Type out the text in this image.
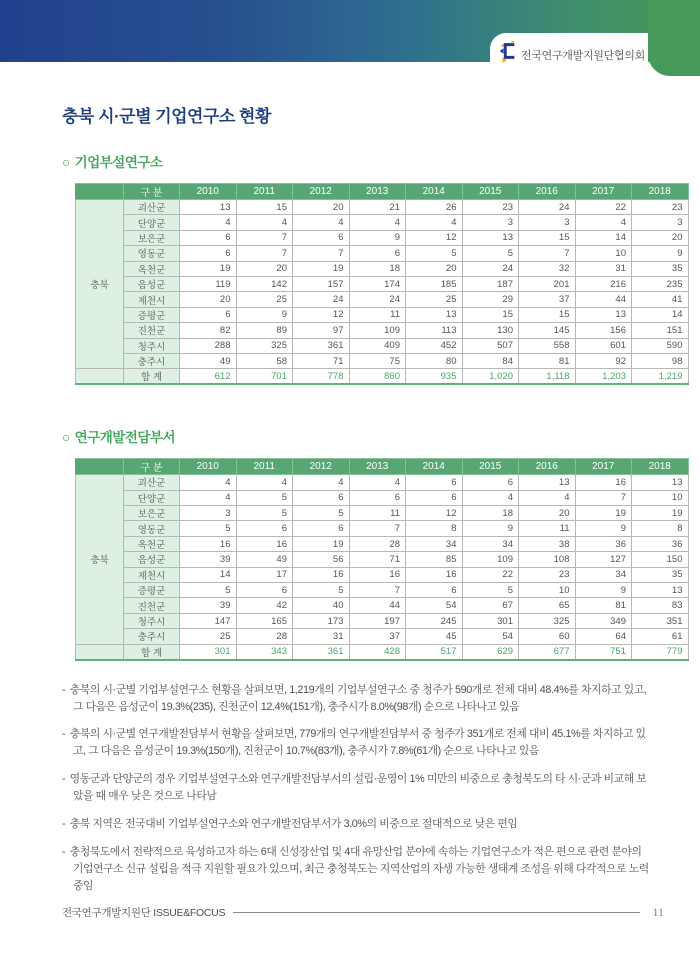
전국연구개발지원단협의회
충북 시·군별 기업연구소 현황
○ 기업부설연구소
	구 분	2010	2011	2012	2013	2014	2015	2016	2017	2018
충북	괴산군	13	15	20	21	26	23	24	22	23
	단양군	4	4	4	4	4	3	3	4	3
	보은군	6	7	6	9	12	13	15	14	20
	영동군	6	7	7	6	5	5	7	10	9
	옥천군	19	20	19	18	20	24	32	31	35
	음성군	119	142	157	174	185	187	201	216	235
	제천시	20	25	24	24	25	29	37	44	41
	증평군	6	9	12	11	13	15	15	13	14
	진천군	82	89	97	109	113	130	145	156	151
	청주시	288	325	361	409	452	507	558	601	590
	충주시	49	58	71	75	80	84	81	92	98
	합 계	612	701	778	860	935	1,020	1,118	1,203	1,219
○ 연구개발전담부서
	구 분	2010	2011	2012	2013	2014	2015	2016	2017	2018
충북	괴산군	4	4	4	4	6	6	13	16	13
	단양군	4	5	6	6	6	4	4	7	10
	보은군	3	5	5	11	12	18	20	19	19
	영동군	5	6	6	7	8	9	11	9	8
	옥천군	16	16	19	28	34	34	38	36	36
	음성군	39	49	56	71	85	109	108	127	150
	제천시	14	17	16	16	16	22	23	34	35
	증평군	5	6	5	7	6	5	10	9	13
	진천군	39	42	40	44	54	67	65	81	83
	청주시	147	165	173	197	245	301	325	349	351
	충주시	25	28	31	37	45	54	60	64	61
	합 계	301	343	361	428	517	629	677	751	779
- 충북의 시·군별 기업부설연구소 현황을 살펴보면, 1,219개의 기업부설연구소 중 청주가 590개로 전체 대비 48.4%를 차지하고 있고, 그 다음은 음성군이 19.3%(235), 진천군이 12.4%(151개), 충주시가 8.0%(98개) 순으로 나타나고 있음
- 충북의 시·군별 연구개발전담부서 현황을 살펴보면, 779개의 연구개발전담부서 중 청주가 351개로 전체 대비 45.1%를 차지하고 있고, 그 다음은 음성군이 19.3%(150개), 진천군이 10.7%(83개), 충주시가 7.8%(61개) 순으로 나타나고 있음
- 영동군과 단양군의 경우 기업부설연구소와 연구개발전담부서의 설립·운영이 1% 미만의 비중으로 충청북도의 타 시·군과 비교해 보았을 때 매우 낮은 것으로 나타남
- 충북 지역은 전국대비 기업부설연구소와 연구개발전담부서가 3.0%의 비중으로 절대적으로 낮은 편임
- 충청북도에서 전략적으로 육성하고자 하는 6대 신성장산업 및 4대 유망산업 분야에 속하는 기업연구소가 적은 편으로 관련 분야의 기업연구소 신규 설립을 적극 지원할 필요가 있으며, 최근 충청북도는 지역산업의 자생 가능한 생태계 조성을 위해 다각적으로 노력중임
전국연구개발지원단 ISSUE&FOCUS	11
